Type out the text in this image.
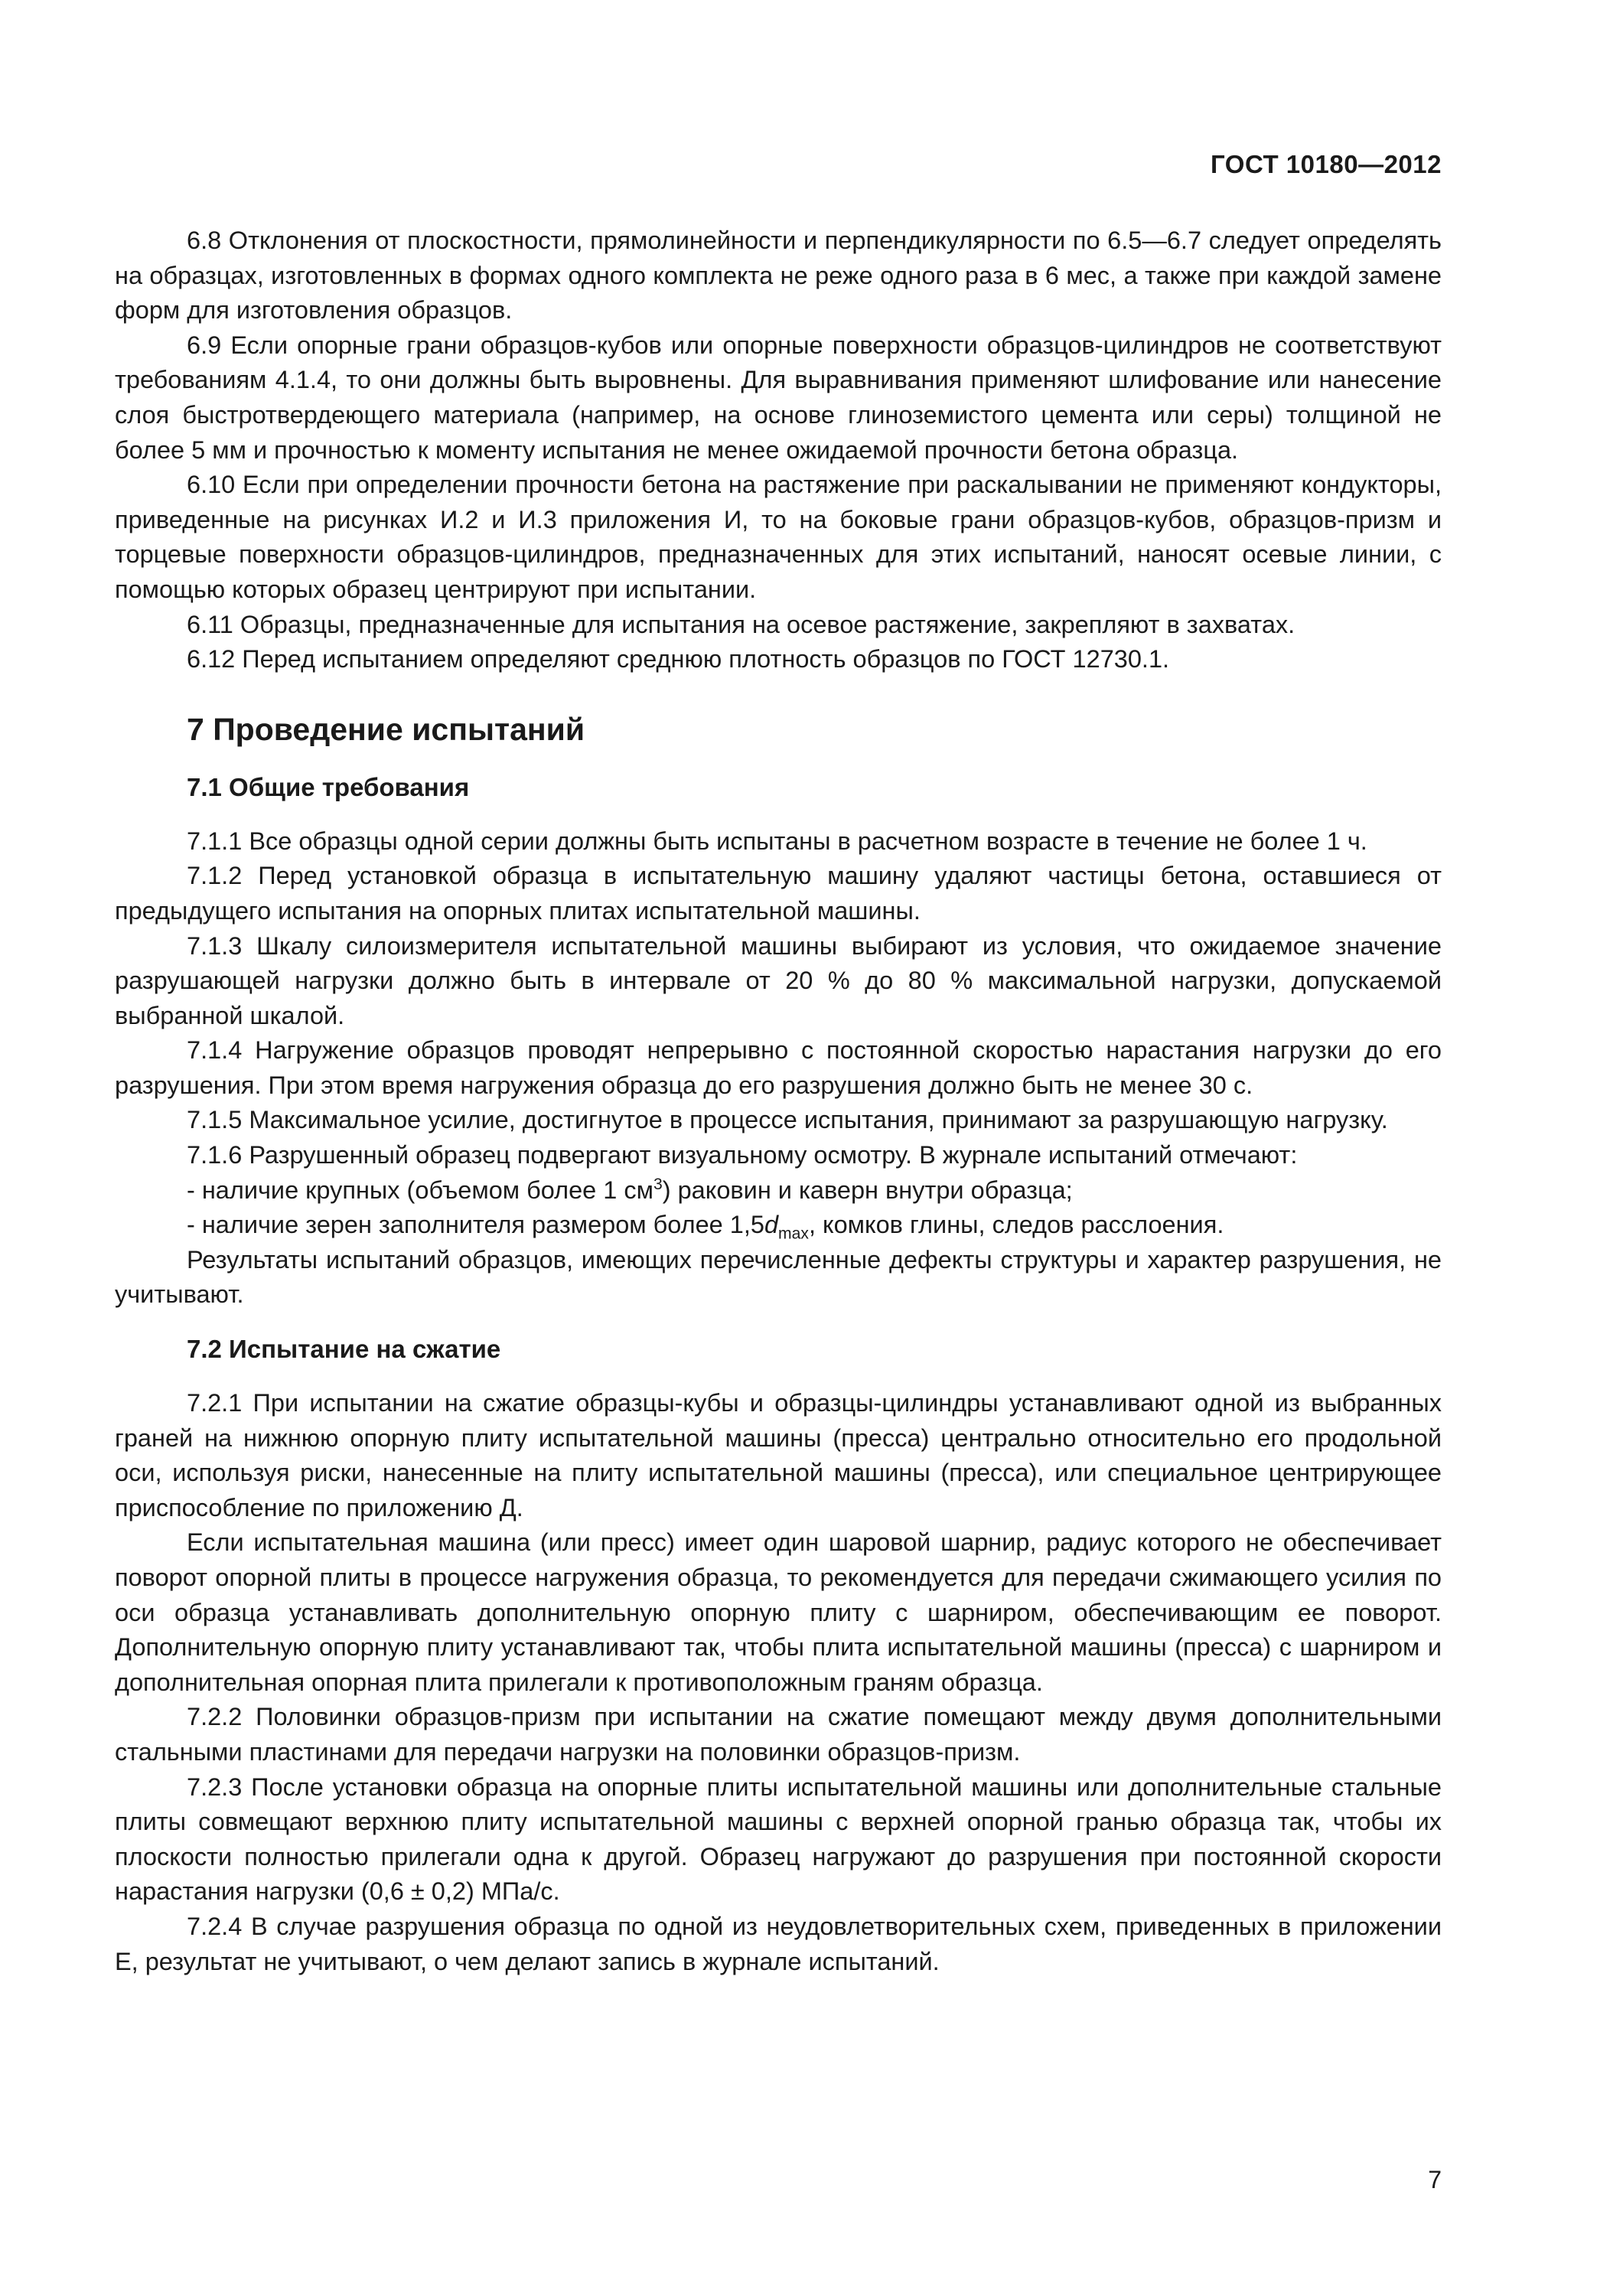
ГОСТ 10180—2012

6.8 Отклонения от плоскостности, прямолинейности и перпендикулярности по 6.5—6.7 следует определять на образцах, изготовленных в формах одного комплекта не реже одного раза в 6 мес, а также при каждой замене форм для изготовления образцов.

6.9 Если опорные грани образцов-кубов или опорные поверхности образцов-цилиндров не соответствуют требованиям 4.1.4, то они должны быть выровнены. Для выравнивания применяют шлифование или нанесение слоя быстротвердеющего материала (например, на основе глиноземистого цемента или серы) толщиной не более 5 мм и прочностью к моменту испытания не менее ожидаемой прочности бетона образца.

6.10 Если при определении прочности бетона на растяжение при раскалывании не применяют кондукторы, приведенные на рисунках И.2 и И.3 приложения И, то на боковые грани образцов-кубов, образцов-призм и торцевые поверхности образцов-цилиндров, предназначенных для этих испытаний, наносят осевые линии, с помощью которых образец центрируют при испытании.

6.11 Образцы, предназначенные для испытания на осевое растяжение, закрепляют в захватах.

6.12 Перед испытанием определяют среднюю плотность образцов по ГОСТ 12730.1.

7 Проведение испытаний
7.1 Общие требования

7.1.1 Все образцы одной серии должны быть испытаны в расчетном возрасте в течение не более 1 ч.

7.1.2 Перед установкой образца в испытательную машину удаляют частицы бетона, оставшиеся от предыдущего испытания на опорных плитах испытательной машины.

7.1.3 Шкалу силоизмерителя испытательной машины выбирают из условия, что ожидаемое значение разрушающей нагрузки должно быть в интервале от 20 % до 80 % максимальной нагрузки, допускаемой выбранной шкалой.

7.1.4 Нагружение образцов проводят непрерывно с постоянной скоростью нарастания нагрузки до его разрушения. При этом время нагружения образца до его разрушения должно быть не менее 30 с.

7.1.5 Максимальное усилие, достигнутое в процессе испытания, принимают за разрушающую нагрузку.

7.1.6 Разрушенный образец подвергают визуальному осмотру. В журнале испытаний отмечают:

- наличие крупных (объемом более 1 $см^3$) раковин и каверн внутри образца;

- наличие зерен заполнителя размером более $1,5d_{max}$, комков глины, следов расслоения.

Результаты испытаний образцов, имеющих перечисленные дефекты структуры и характер разрушения, не учитывают.

7.2 Испытание на сжатие

7.2.1 При испытании на сжатие образцы-кубы и образцы-цилиндры устанавливают одной из выбранных граней на нижнюю опорную плиту испытательной машины (пресса) центрально относительно его продольной оси, используя риски, нанесенные на плиту испытательной машины (пресса), или специальное центрирующее приспособление по приложению Д.

Если испытательная машина (или пресс) имеет один шаровой шарнир, радиус которого не обеспечивает поворот опорной плиты в процессе нагружения образца, то рекомендуется для передачи сжимающего усилия по оси образца устанавливать дополнительную опорную плиту с шарниром, обеспечивающим ее поворот. Дополнительную опорную плиту устанавливают так, чтобы плита испытательной машины (пресса) с шарниром и дополнительная опорная плита прилегали к противоположным граням образца.

7.2.2 Половинки образцов-призм при испытании на сжатие помещают между двумя дополнительными стальными пластинами для передачи нагрузки на половинки образцов-призм.

7.2.3 После установки образца на опорные плиты испытательной машины или дополнительные стальные плиты совмещают верхнюю плиту испытательной машины с верхней опорной гранью образца так, чтобы их плоскости полностью прилегали одна к другой. Образец нагружают до разрушения при постоянной скорости нарастания нагрузки (0,6 ± 0,2) МПа/с.

7.2.4 В случае разрушения образца по одной из неудовлетворительных схем, приведенных в приложении Е, результат не учитывают, о чем делают запись в журнале испытаний.

7
